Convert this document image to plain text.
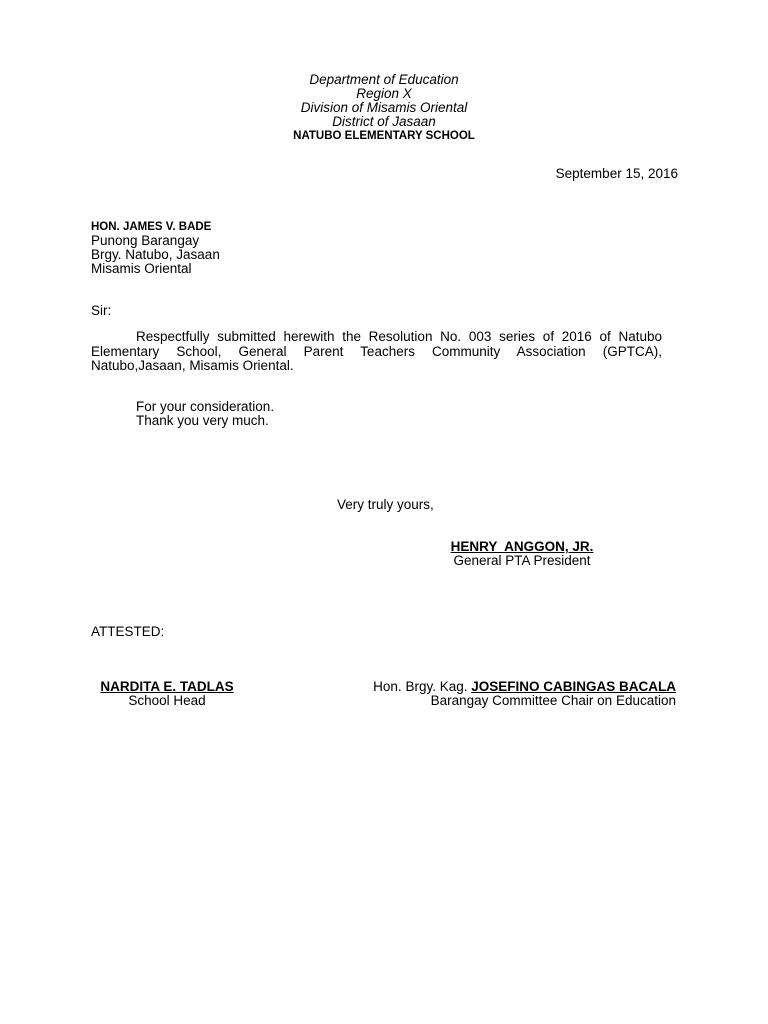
Department of Education
Region X
Division of Misamis Oriental
District of Jasaan
NATUBO ELEMENTARY SCHOOL
September 15, 2016
HON. JAMES V. BADE
Punong Barangay
Brgy. Natubo, Jasaan
Misamis Oriental
Sir:
Respectfully submitted herewith the Resolution No. 003 series of 2016 of Natubo Elementary School, General Parent Teachers Community Association (GPTCA), Natubo,Jasaan, Misamis Oriental.
For your consideration.
Thank you very much.
Very truly yours,
HENRY  ANGGON, JR.
General PTA President
ATTESTED:
NARDITA E. TADLAS
School Head
Hon. Brgy. Kag. JOSEFINO CABINGAS BACALA
Barangay Committee Chair on Education
